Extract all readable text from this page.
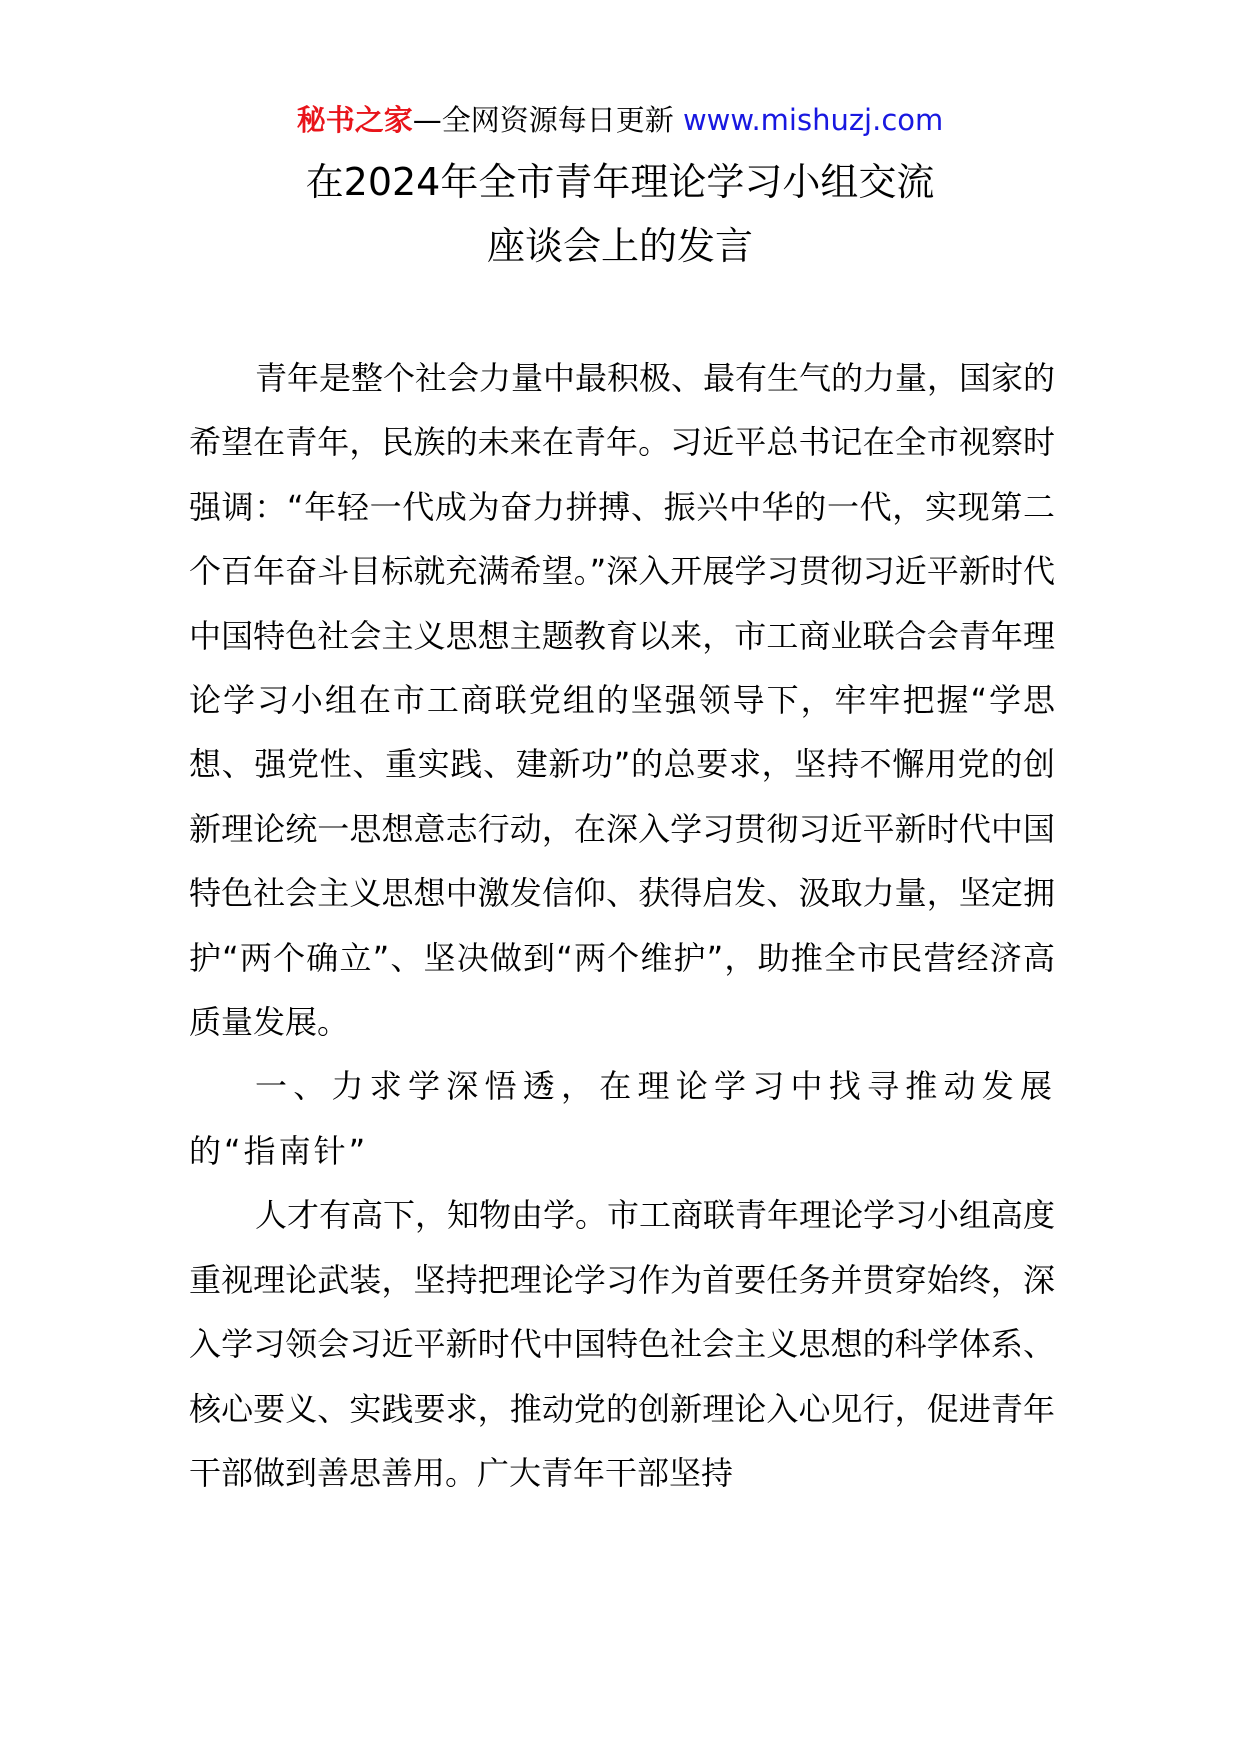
秘书之家—全网资源每日更新 www.mishuzj.com
在2024年全市青年理论学习小组交流
座谈会上的发言

青年是整个社会力量中最积极、最有生气的力量，国家的希望在青年，民族的未来在青年。习近平总书记在全市视察时强调：“年轻一代成为奋力拼搏、振兴中华的一代，实现第二个百年奋斗目标就充满希望。”深入开展学习贯彻习近平新时代中国特色社会主义思想主题教育以来，市工商业联合会青年理论学习小组在市工商联党组的坚强领导下，牢牢把握“学思想、强党性、重实践、建新功”的总要求，坚持不懈用党的创新理论统一思想意志行动，在深入学习贯彻习近平新时代中国特色社会主义思想中激发信仰、获得启发、汲取力量，坚定拥护“两个确立”、坚决做到“两个维护”，助推全市民营经济高质量发展。

一、力求学深悟透，在理论学习中找寻推动发展的“指南针”

人才有高下，知物由学。市工商联青年理论学习小组高度重视理论武装，坚持把理论学习作为首要任务并贯穿始终，深入学习领会习近平新时代中国特色社会主义思想的科学体系、核心要义、实践要求，推动党的创新理论入心见行，促进青年干部做到善思善用。广大青年干部坚持
